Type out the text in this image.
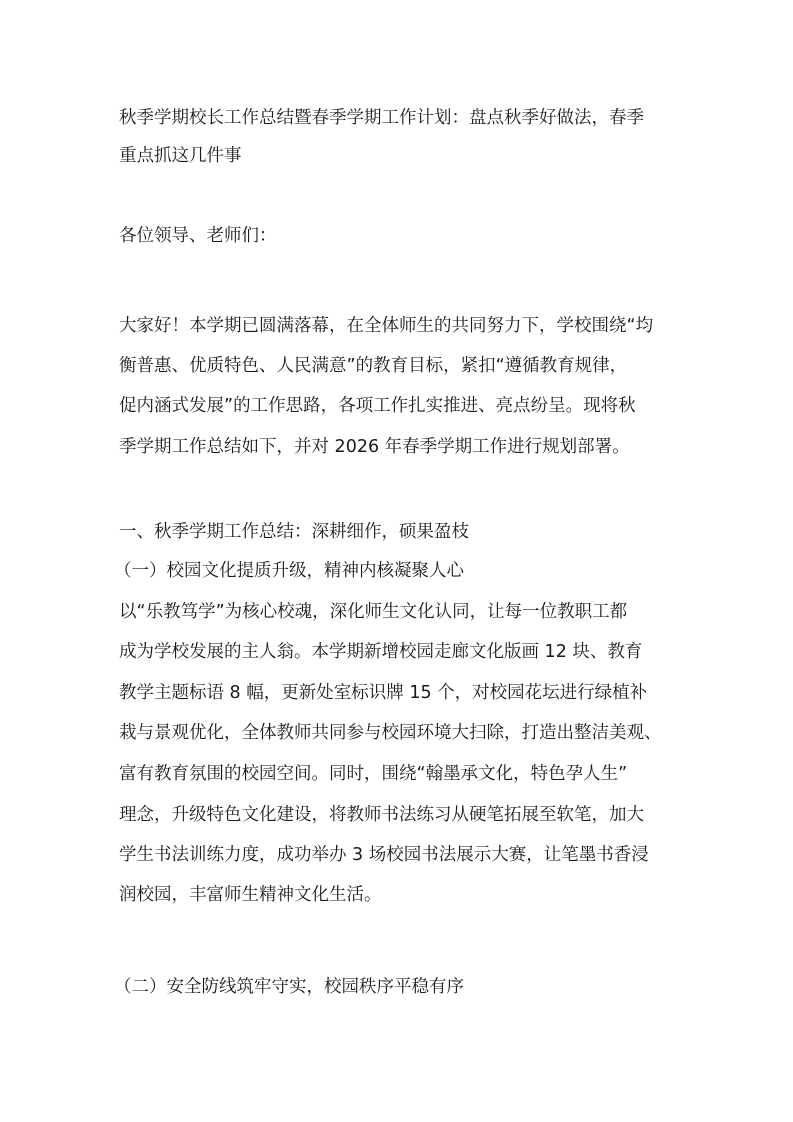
秋季学期校长工作总结暨春季学期工作计划：盘点秋季好做法，春季
重点抓这几件事
各位领导、老师们：
大家好！本学期已圆满落幕，在全体师生的共同努力下，学校围绕“均
衡普惠、优质特色、人民满意”的教育目标，紧扣“遵循教育规律，
促内涵式发展”的工作思路，各项工作扎实推进、亮点纷呈。现将秋
季学期工作总结如下，并对 2026 年春季学期工作进行规划部署。
一、秋季学期工作总结：深耕细作，硕果盈枝
（一）校园文化提质升级，精神内核凝聚人心
以“乐教笃学”为核心校魂，深化师生文化认同，让每一位教职工都
成为学校发展的主人翁。本学期新增校园走廊文化版画 12 块、教育
教学主题标语 8 幅，更新处室标识牌 15 个，对校园花坛进行绿植补
栽与景观优化，全体教师共同参与校园环境大扫除，打造出整洁美观、
富有教育氛围的校园空间。同时，围绕“翰墨承文化，特色孕人生”
理念，升级特色文化建设，将教师书法练习从硬笔拓展至软笔，加大
学生书法训练力度，成功举办 3 场校园书法展示大赛，让笔墨书香浸
润校园，丰富师生精神文化生活。
（二）安全防线筑牢守实，校园秩序平稳有序
